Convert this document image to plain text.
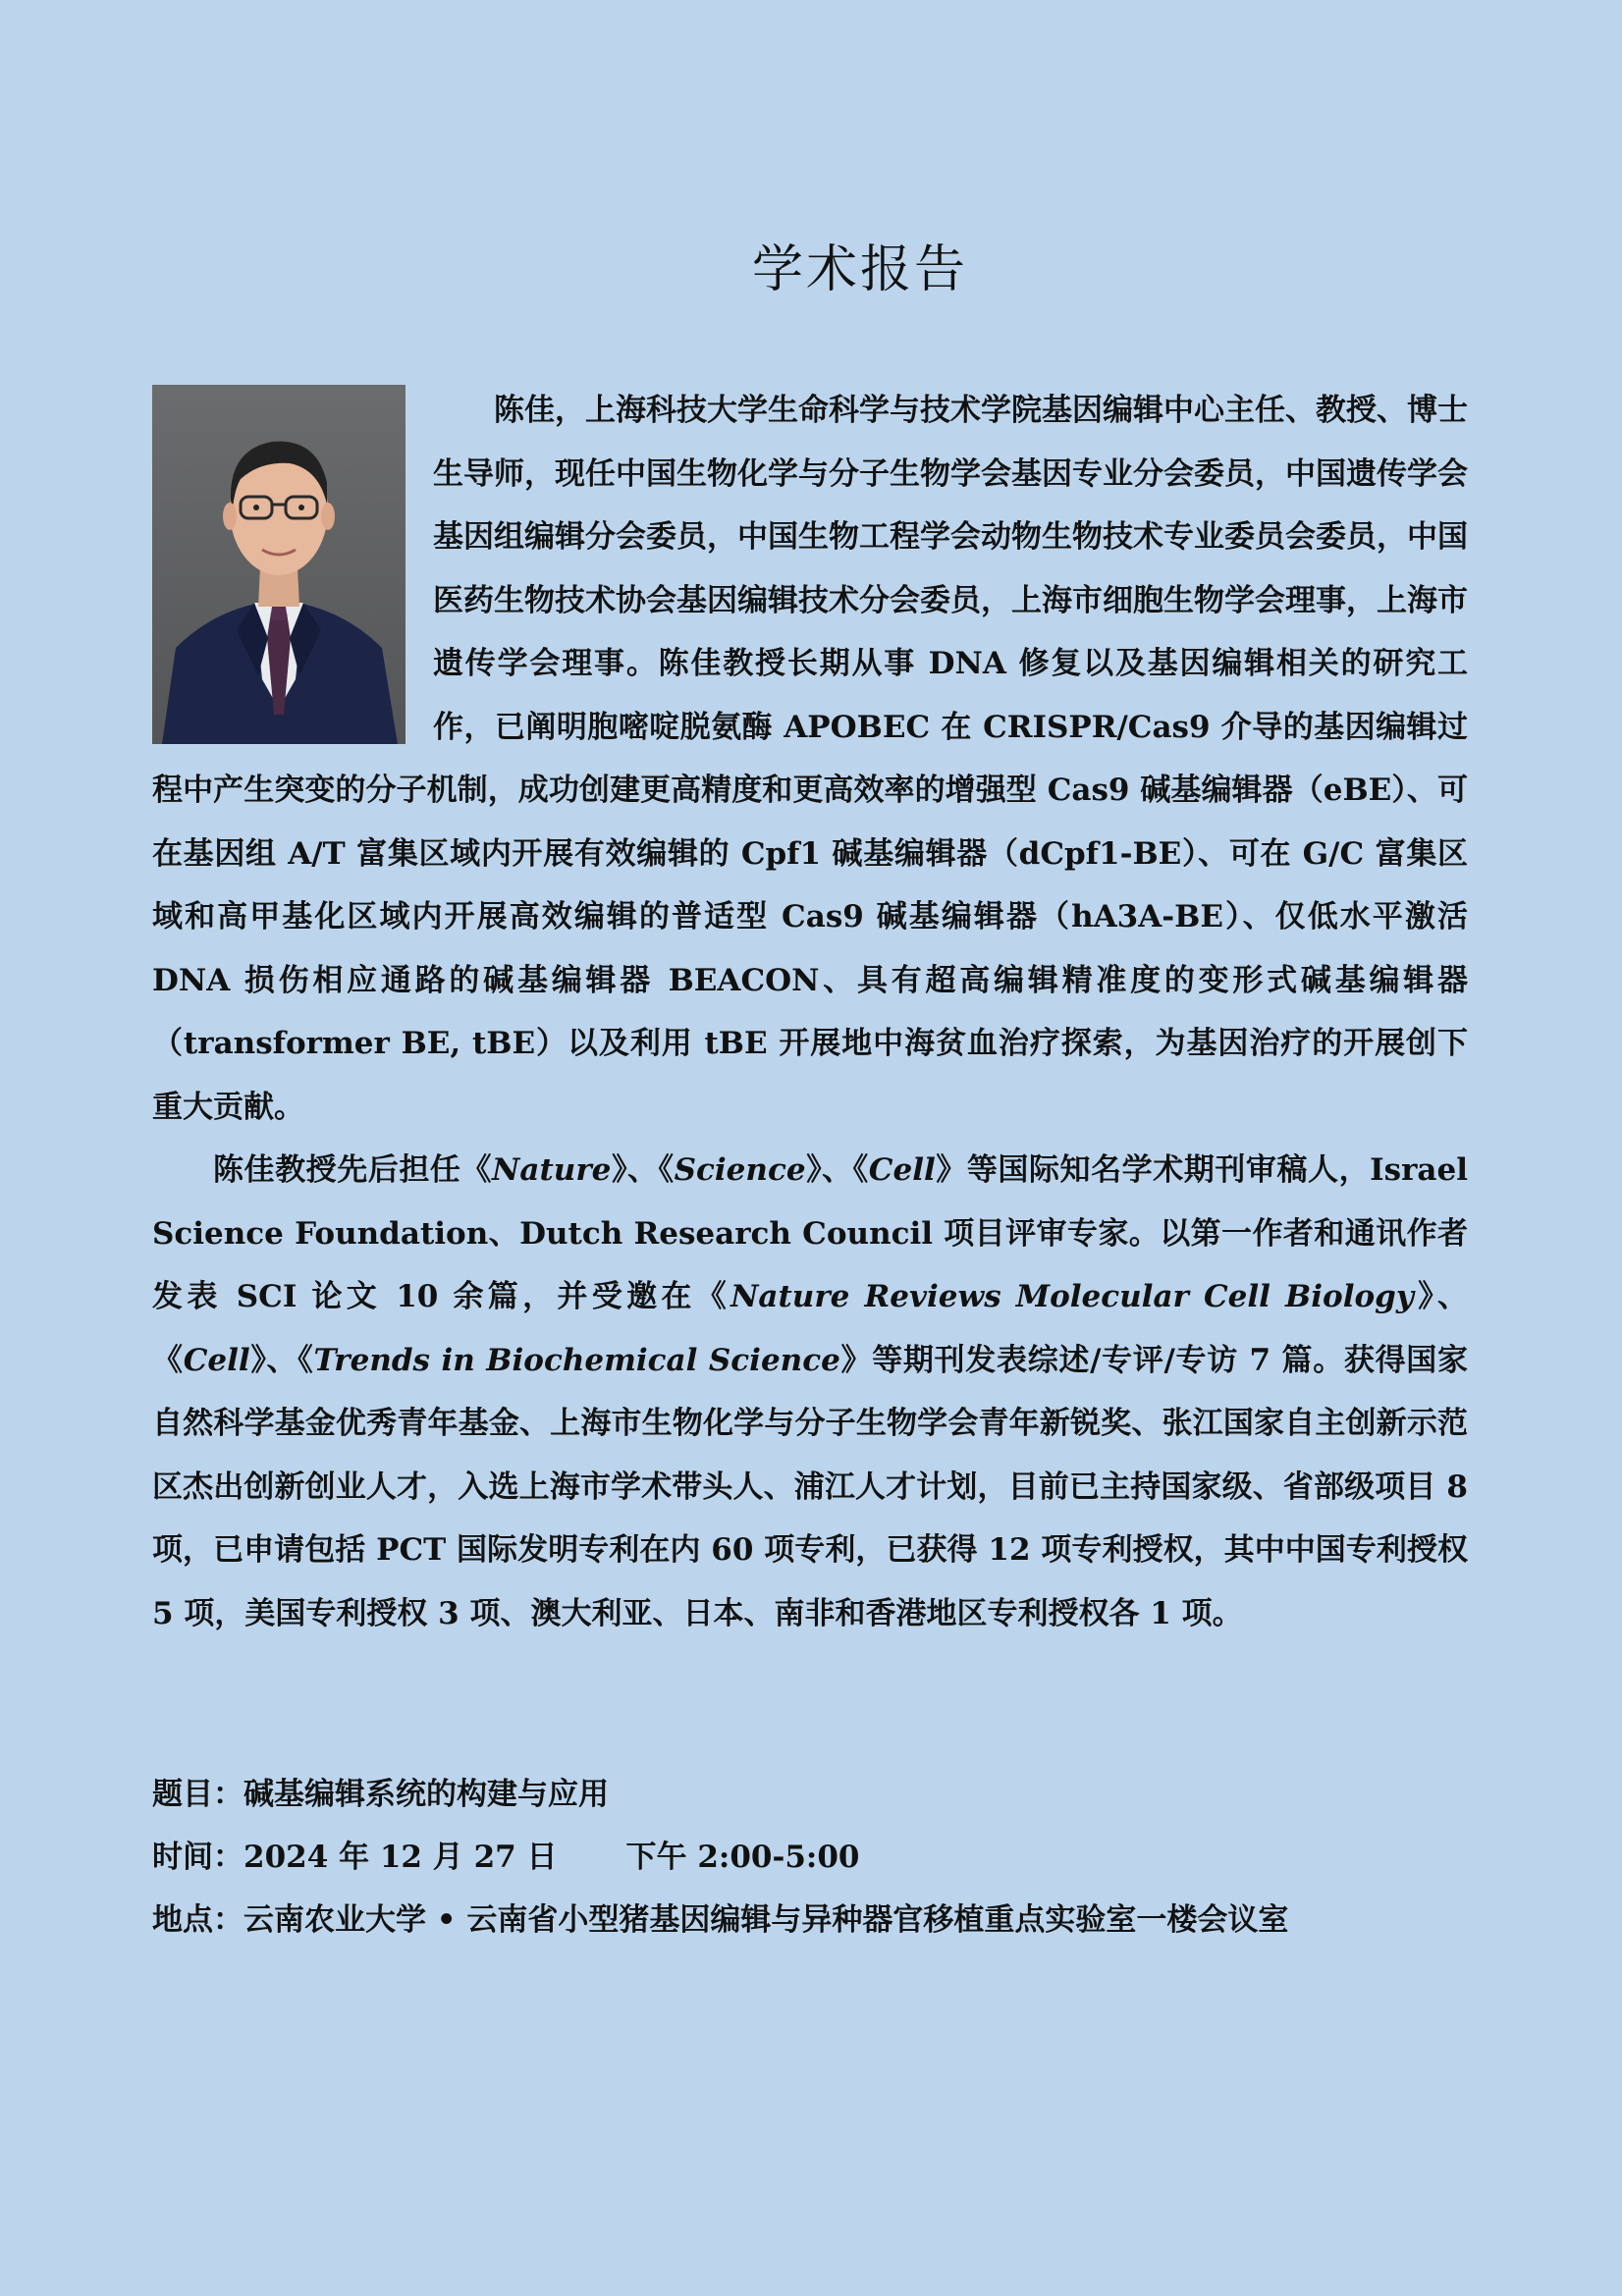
学术报告

陈佳，上海科技大学生命科学与技术学院基因编辑中心主任、教授、博士生导师，现任中国生物化学与分子生物学会基因专业分会委员，中国遗传学会基因组编辑分会委员，中国生物工程学会动物生物技术专业委员会委员，中国医药生物技术协会基因编辑技术分会委员，上海市细胞生物学会理事，上海市遗传学会理事。陈佳教授长期从事 DNA 修复以及基因编辑相关的研究工作，已阐明胞嘧啶脱氨酶 APOBEC 在 CRISPR/Cas9 介导的基因编辑过程中产生突变的分子机制，成功创建更高精度和更高效率的增强型 Cas9 碱基编辑器（eBE）、可在基因组 A/T 富集区域内开展有效编辑的 Cpf1 碱基编辑器（dCpf1-BE）、可在 G/C 富集区域和高甲基化区域内开展高效编辑的普适型 Cas9 碱基编辑器（hA3A-BE）、仅低水平激活 DNA 损伤相应通路的碱基编辑器 BEACON、具有超高编辑精准度的变形式碱基编辑器（transformer BE, tBE）以及利用 tBE 开展地中海贫血治疗探索，为基因治疗的开展创下重大贡献。

陈佳教授先后担任《Nature》、《Science》、《Cell》等国际知名学术期刊审稿人，Israel Science Foundation、Dutch Research Council 项目评审专家。以第一作者和通讯作者发表 SCI 论文 10 余篇，并受邀在《Nature Reviews Molecular Cell Biology》、《Cell》、《Trends in Biochemical Science》等期刊发表综述/专评/专访 7 篇。获得国家自然科学基金优秀青年基金、上海市生物化学与分子生物学会青年新锐奖、张江国家自主创新示范区杰出创新创业人才，入选上海市学术带头人、浦江人才计划，目前已主持国家级、省部级项目 8 项，已申请包括 PCT 国际发明专利在内 60 项专利，已获得 12 项专利授权，其中中国专利授权 5 项，美国专利授权 3 项、澳大利亚、日本、南非和香港地区专利授权各 1 项。

题目：碱基编辑系统的构建与应用
时间：2024 年 12 月 27 日 下午 2:00-5:00
地点：云南农业大学 • 云南省小型猪基因编辑与异种器官移植重点实验室一楼会议室
